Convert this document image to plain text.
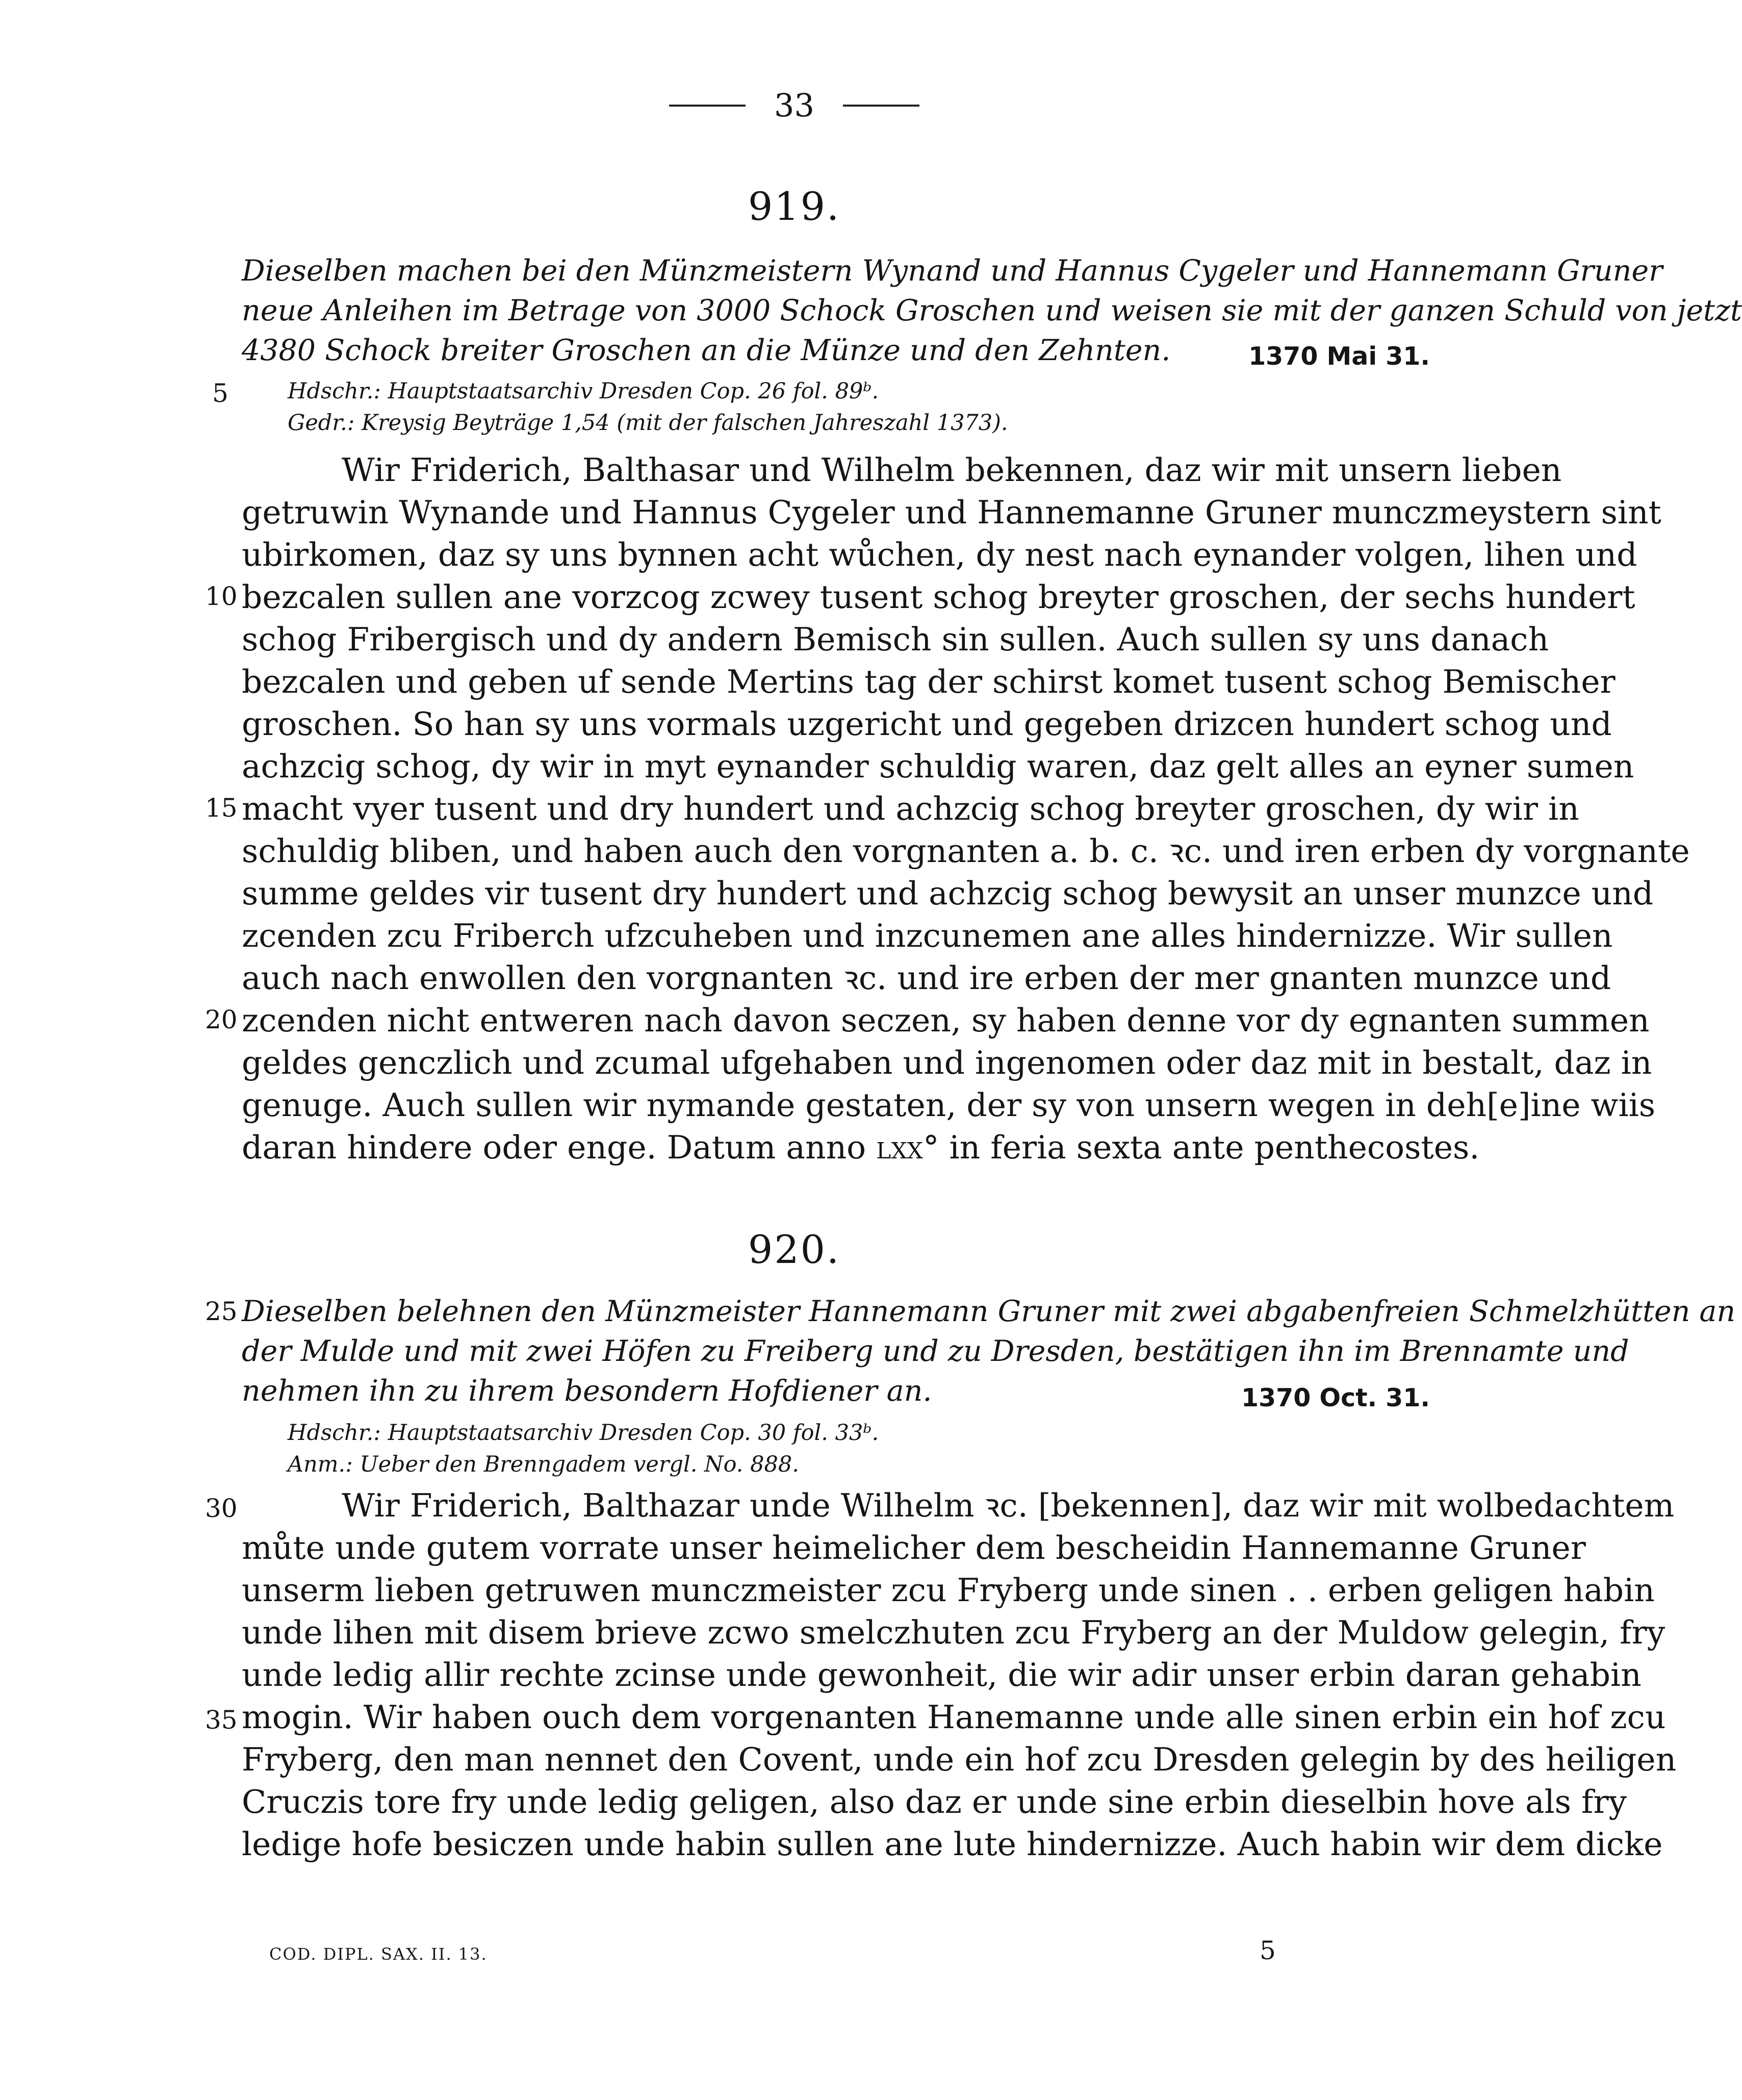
33
919.
Dieselben machen bei den Münzmeistern Wynand und Hannus Cygeler und Hannemann Gruner
neue Anleihen im Betrage von 3000 Schock Groschen und weisen sie mit der ganzen Schuld von jetzt
4380 Schock breiter Groschen an die Münze und den Zehnten.	1370 Mai 31.
5	Hdschr.: Hauptstaatsarchiv Dresden Cop. 26 fol. 89ᵇ.
Gedr.: Kreysig Beyträge 1,54 (mit der falschen Jahreszahl 1373).
Wir Friderich, Balthasar und Wilhelm bekennen, daz wir mit unsern lieben
getruwin Wynande und Hannus Cygeler und Hannemanne Gruner munczmeystern sint
ubirkomen, daz sy uns bynnen acht wůchen, dy nest nach eynander volgen, lihen und
bezcalen sullen ane vorzcog zcwey tusent schog breyter groschen, der sechs hundert
schog Fribergisch und dy andern Bemisch sin sullen. Auch sullen sy uns danach
bezcalen und geben uf sende Mertins tag der schirst komet tusent schog Bemischer
groschen. So han sy uns vormals uzgericht und gegeben drizcen hundert schog und
achzcig schog, dy wir in myt eynander schuldig waren, daz gelt alles an eyner sumen
macht vyer tusent und dry hundert und achzcig schog breyter groschen, dy wir in
schuldig bliben, und haben auch den vorgnanten a. b. c. ꝛc. und iren erben dy vorgnante
summe geldes vir tusent dry hundert und achzcig schog bewysit an unser munzce und
zcenden zcu Friberch ufzcuheben und inzcunemen ane alles hindernizze. Wir sullen
auch nach enwollen den vorgnanten ꝛc. und ire erben der mer gnanten munzce und
zcenden nicht entweren nach davon seczen, sy haben denne vor dy egnanten summen
geldes genczlich und zcumal ufgehaben und ingenomen oder daz mit in bestalt, daz in
genuge. Auch sullen wir nymande gestaten, der sy von unsern wegen in deh[e]ine wiis
daran hindere oder enge. Datum anno lxx° in feria sexta ante penthecostes.
10
15
20
920.
25 Dieselben belehnen den Münzmeister Hannemann Gruner mit zwei abgabenfreien Schmelzhütten an
der Mulde und mit zwei Höfen zu Freiberg und zu Dresden, bestätigen ihn im Brennamte und
nehmen ihn zu ihrem besondern Hofdiener an.	1370 Oct. 31.
Hdschr.: Hauptstaatsarchiv Dresden Cop. 30 fol. 33ᵇ.
Anm.: Ueber den Brenngadem vergl. No. 888.
30	Wir Friderich, Balthazar unde Wilhelm ꝛc. [bekennen], daz wir mit wolbedachtem
můte unde gutem vorrate unser heimelicher dem bescheidin Hannemanne Gruner
unserm lieben getruwen munczmeister zcu Fryberg unde sinen . . erben geligen habin
unde lihen mit disem brieve zcwo smelczhuten zcu Fryberg an der Muldow gelegin, fry
unde ledig allir rechte zcinse unde gewonheit, die wir adir unser erbin daran gehabin
mogin. Wir haben ouch dem vorgenanten Hanemanne unde alle sinen erbin ein hof zcu
Fryberg, den man nennet den Covent, unde ein hof zcu Dresden gelegin by des heiligen
Cruczis tore fry unde ledig geligen, also daz er unde sine erbin dieselbin hove als fry
ledige hofe besiczen unde habin sullen ane lute hindernizze. Auch habin wir dem dicke
35
COD. DIPL. SAX. II. 13.	5
